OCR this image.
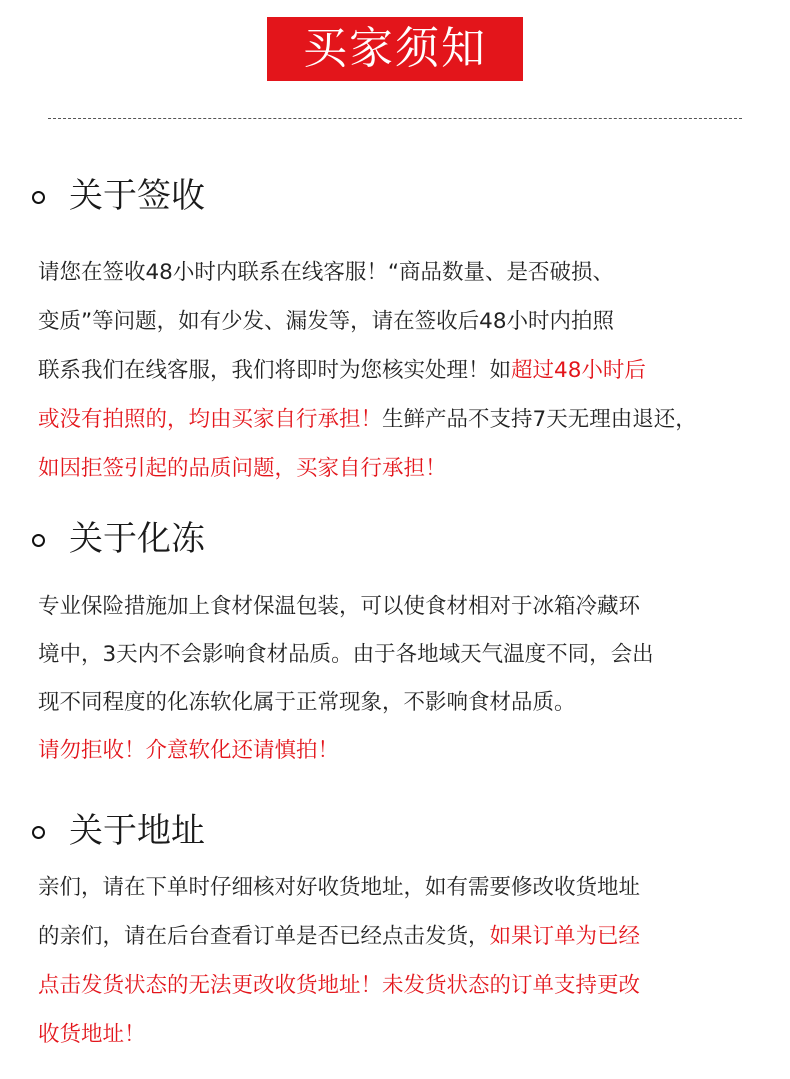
买家须知
关于签收
请您在签收48小时内联系在线客服！“商品数量、是否破损、
变质”等问题，如有少发、漏发等，请在签收后48小时内拍照
联系我们在线客服，我们将即时为您核实处理！如超过48小时后
或没有拍照的，均由买家自行承担！生鲜产品不支持7天无理由退还，
如因拒签引起的品质问题，买家自行承担！
关于化冻
专业保险措施加上食材保温包装，可以使食材相对于冰箱冷藏环
境中，3天内不会影响食材品质。由于各地域天气温度不同，会出
现不同程度的化冻软化属于正常现象，不影响食材品质。
请勿拒收！介意软化还请慎拍！
关于地址
亲们，请在下单时仔细核对好收货地址，如有需要修改收货地址
的亲们，请在后台查看订单是否已经点击发货，如果订单为已经
点击发货状态的无法更改收货地址！未发货状态的订单支持更改
收货地址！
